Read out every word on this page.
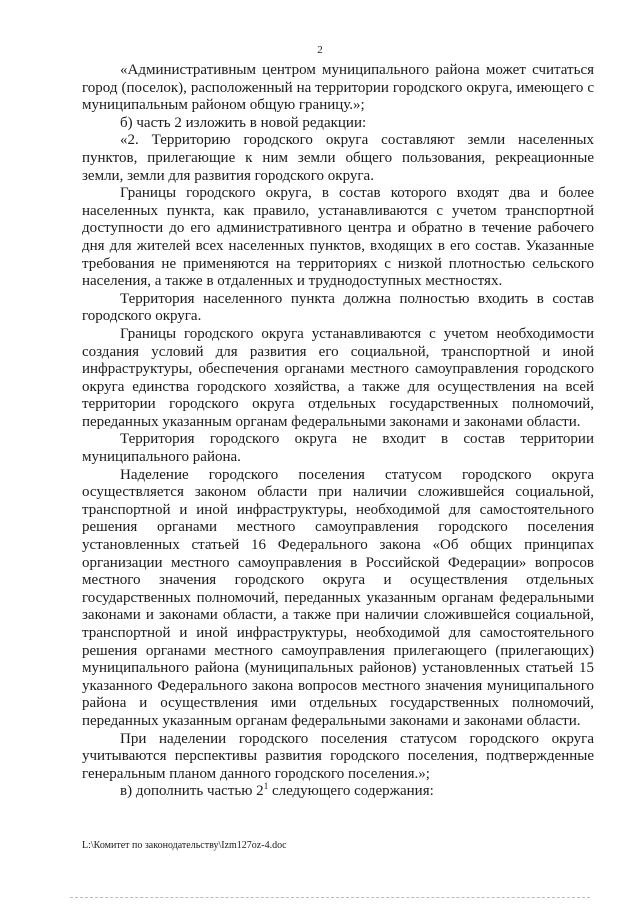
2

«Административным центром муниципального района может считаться город (поселок), расположенный на территории городского округа, имеющего с муниципальным районом общую границу.»;

б) часть 2 изложить в новой редакции:

«2. Территорию городского округа составляют земли населенных пунктов, прилегающие к ним земли общего пользования, рекреационные земли, земли для развития городского округа.

Границы городского округа, в состав которого входят два и более населенных пункта, как правило, устанавливаются с учетом транспортной доступности до его административного центра и обратно в течение рабочего дня для жителей всех населенных пунктов, входящих в его состав. Указанные требования не применяются на территориях с низкой плотностью сельского населения, а также в отдаленных и труднодоступных местностях.

Территория населенного пункта должна полностью входить в состав городского округа.

Границы городского округа устанавливаются с учетом необходимости создания условий для развития его социальной, транспортной и иной инфраструктуры, обеспечения органами местного самоуправления городского округа единства городского хозяйства, а также для осуществления на всей территории городского округа отдельных государственных полномочий, переданных указанным органам федеральными законами и законами области.

Территория городского округа не входит в состав территории муниципального района.

Наделение городского поселения статусом городского округа осуществляется законом области при наличии сложившейся социальной, транспортной и иной инфраструктуры, необходимой для самостоятельного решения органами местного самоуправления городского поселения установленных статьей 16 Федерального закона «Об общих принципах организации местного самоуправления в Российской Федерации» вопросов местного значения городского округа и осуществления отдельных государственных полномочий, переданных указанным органам федеральными законами и законами области, а также при наличии сложившейся социальной, транспортной и иной инфраструктуры, необходимой для самостоятельного решения органами местного самоуправления прилегающего (прилегающих) муниципального района (муниципальных районов) установленных статьей 15 указанного Федерального закона вопросов местного значения муниципального района и осуществления ими отдельных государственных полномочий, переданных указанным органам федеральными законами и законами области.

При наделении городского поселения статусом городского округа учитываются перспективы развития городского поселения, подтвержденные генеральным планом данного городского поселения.»;

в) дополнить частью $2^1$ следующего содержания:

L:\Комитет по законодательству\Izm127oz-4.doc
